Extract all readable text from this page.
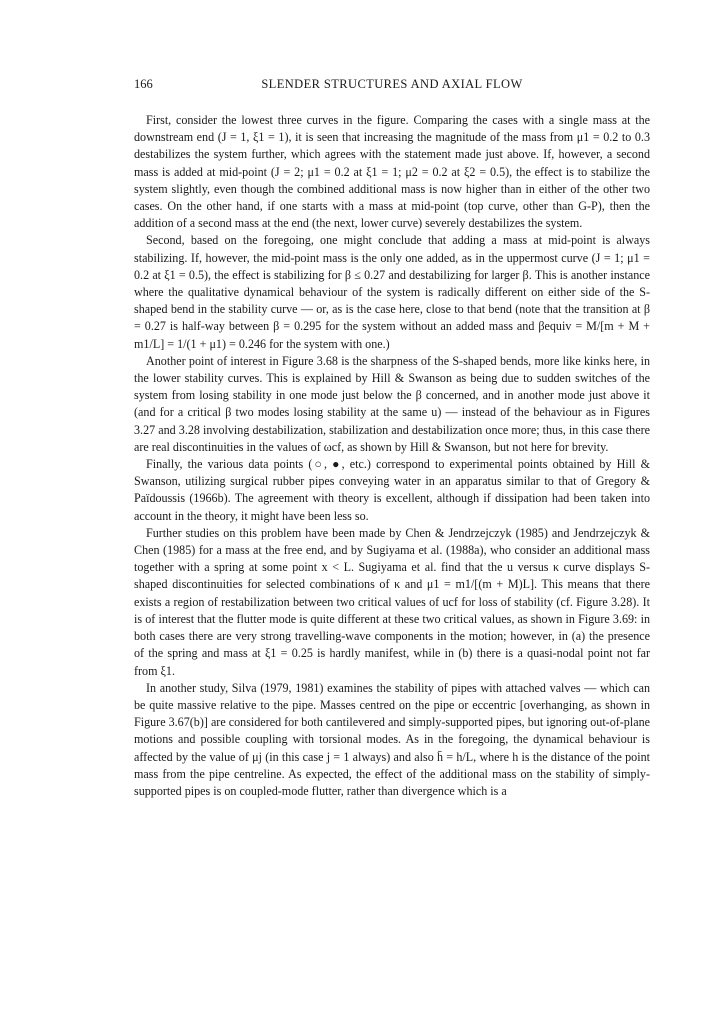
166	SLENDER STRUCTURES AND AXIAL FLOW

First, consider the lowest three curves in the figure. Comparing the cases with a single mass at the downstream end (J = 1, ξ1 = 1), it is seen that increasing the magnitude of the mass from μ1 = 0.2 to 0.3 destabilizes the system further, which agrees with the statement made just above. If, however, a second mass is added at mid-point (J = 2; μ1 = 0.2 at ξ1 = 1; μ2 = 0.2 at ξ2 = 0.5), the effect is to stabilize the system slightly, even though the combined additional mass is now higher than in either of the other two cases. On the other hand, if one starts with a mass at mid-point (top curve, other than G-P), then the addition of a second mass at the end (the next, lower curve) severely destabilizes the system.

Second, based on the foregoing, one might conclude that adding a mass at mid-point is always stabilizing. If, however, the mid-point mass is the only one added, as in the uppermost curve (J = 1; μ1 = 0.2 at ξ1 = 0.5), the effect is stabilizing for β ≤ 0.27 and destabilizing for larger β. This is another instance where the qualitative dynamical behaviour of the system is radically different on either side of the S-shaped bend in the stability curve — or, as is the case here, close to that bend (note that the transition at β = 0.27 is half-way between β = 0.295 for the system without an added mass and βequiv = M/[m + M + m1/L] = 1/(1 + μ1) = 0.246 for the system with one.)

Another point of interest in Figure 3.68 is the sharpness of the S-shaped bends, more like kinks here, in the lower stability curves. This is explained by Hill & Swanson as being due to sudden switches of the system from losing stability in one mode just below the β concerned, and in another mode just above it (and for a critical β two modes losing stability at the same u) — instead of the behaviour as in Figures 3.27 and 3.28 involving destabilization, stabilization and destabilization once more; thus, in this case there are real discontinuities in the values of ωcf, as shown by Hill & Swanson, but not here for brevity.

Finally, the various data points (○, ●, etc.) correspond to experimental points obtained by Hill & Swanson, utilizing surgical rubber pipes conveying water in an apparatus similar to that of Gregory & Païdoussis (1966b). The agreement with theory is excellent, although if dissipation had been taken into account in the theory, it might have been less so.

Further studies on this problem have been made by Chen & Jendrzejczyk (1985) and Jendrzejczyk & Chen (1985) for a mass at the free end, and by Sugiyama et al. (1988a), who consider an additional mass together with a spring at some point x < L. Sugiyama et al. find that the u versus κ curve displays S-shaped discontinuities for selected combinations of κ and μ1 = m1/[(m + M)L]. This means that there exists a region of restabilization between two critical values of ucf for loss of stability (cf. Figure 3.28). It is of interest that the flutter mode is quite different at these two critical values, as shown in Figure 3.69: in both cases there are very strong travelling-wave components in the motion; however, in (a) the presence of the spring and mass at ξ1 = 0.25 is hardly manifest, while in (b) there is a quasi-nodal point not far from ξ1.

In another study, Silva (1979, 1981) examines the stability of pipes with attached valves — which can be quite massive relative to the pipe. Masses centred on the pipe or eccentric [overhanging, as shown in Figure 3.67(b)] are considered for both cantilevered and simply-supported pipes, but ignoring out-of-plane motions and possible coupling with torsional modes. As in the foregoing, the dynamical behaviour is affected by the value of μj (in this case j = 1 always) and also h̄ = h/L, where h is the distance of the point mass from the pipe centreline. As expected, the effect of the additional mass on the stability of simply-supported pipes is on coupled-mode flutter, rather than divergence which is a
